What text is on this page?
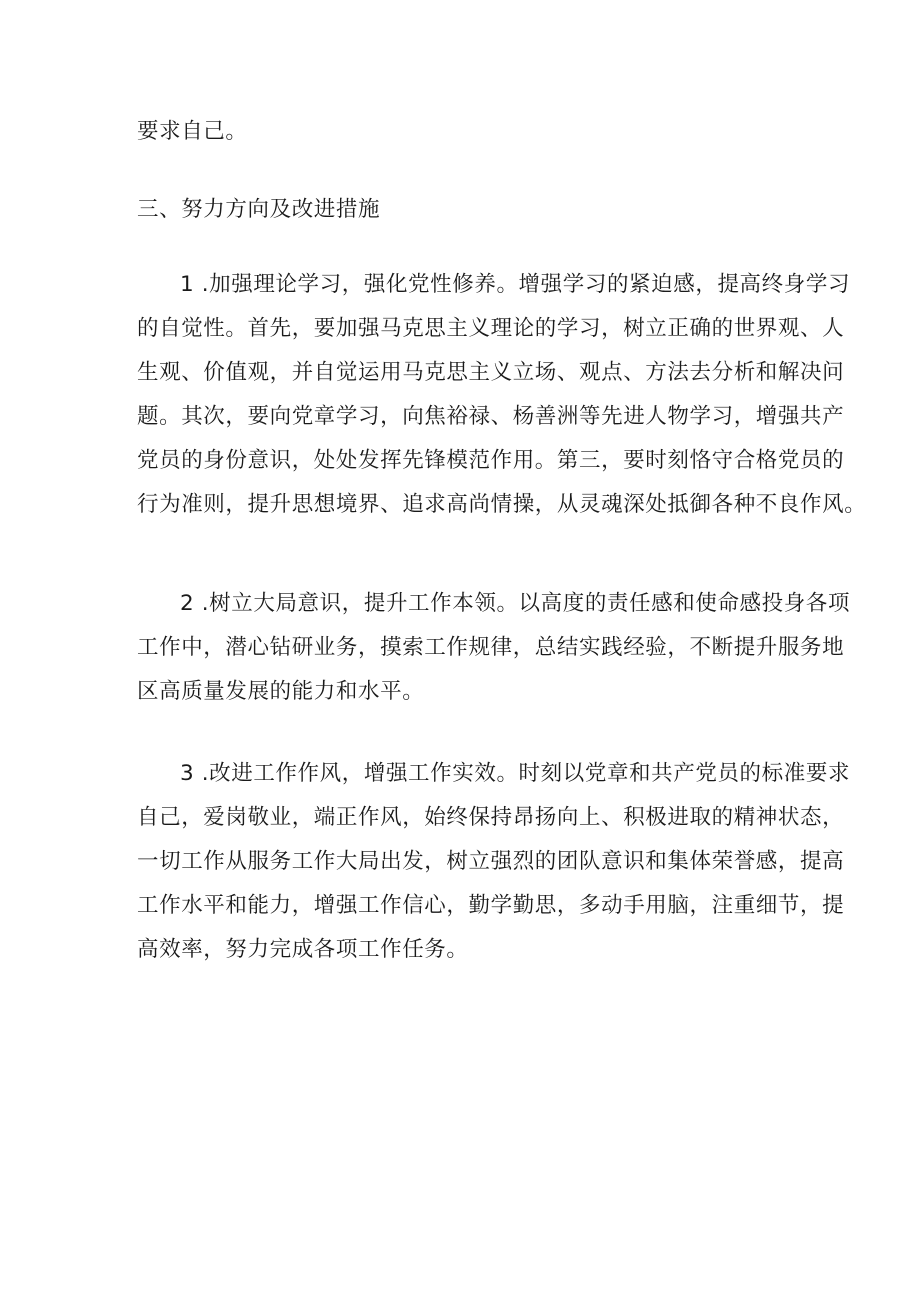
要求自己。
三、努力方向及改进措施
1 .加强理论学习，强化党性修养。增强学习的紧迫感，提高终身学习
的自觉性。首先，要加强马克思主义理论的学习，树立正确的世界观、人
生观、价值观，并自觉运用马克思主义立场、观点、方法去分析和解决问
题。其次，要向党章学习，向焦裕禄、杨善洲等先进人物学习，增强共产
党员的身份意识，处处发挥先锋模范作用。第三，要时刻恪守合格党员的
行为准则，提升思想境界、追求高尚情操，从灵魂深处抵御各种不良作风。
2 .树立大局意识，提升工作本领。以高度的责任感和使命感投身各项
工作中，潜心钻研业务，摸索工作规律，总结实践经验，不断提升服务地
区高质量发展的能力和水平。
3 .改进工作作风，增强工作实效。时刻以党章和共产党员的标准要求
自己，爱岗敬业，端正作风，始终保持昂扬向上、积极进取的精神状态，
一切工作从服务工作大局出发，树立强烈的团队意识和集体荣誉感，提高
工作水平和能力，增强工作信心，勤学勤思，多动手用脑，注重细节，提
高效率，努力完成各项工作任务。
